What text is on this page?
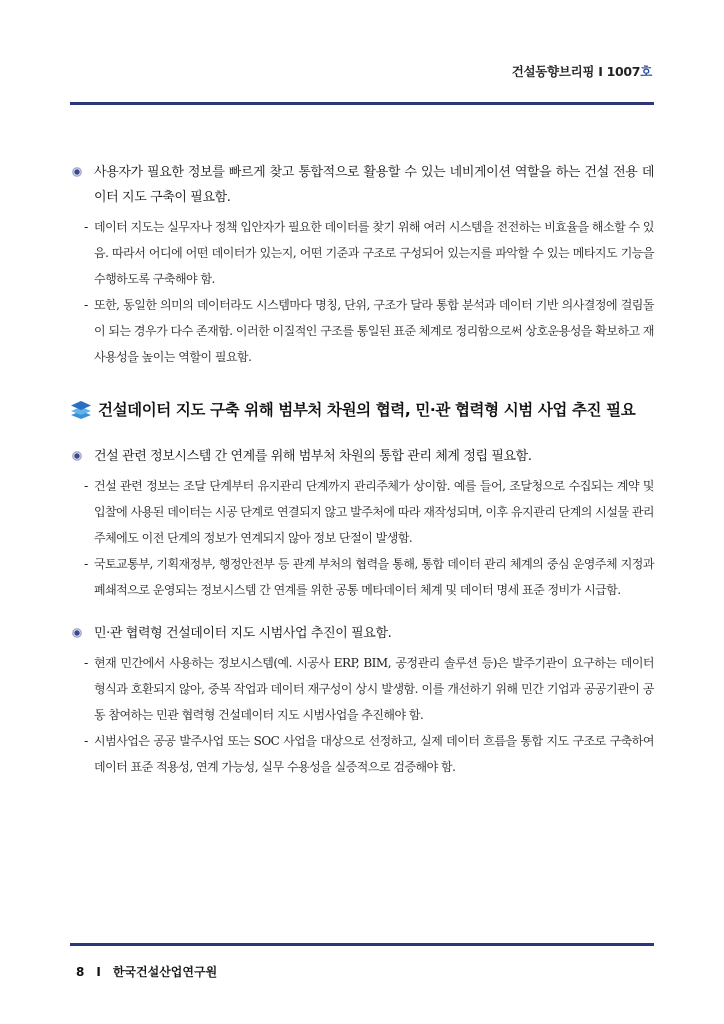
건설동향브리핑 Ⅰ 1007호
사용자가 필요한 정보를 빠르게 찾고 통합적으로 활용할 수 있는 네비게이션 역할을 하는 건설 전용 데이터 지도 구축이 필요함.
- 데이터 지도는 실무자나 정책 입안자가 필요한 데이터를 찾기 위해 여러 시스템을 전전하는 비효율을 해소할 수 있음. 따라서 어디에 어떤 데이터가 있는지, 어떤 기준과 구조로 구성되어 있는지를 파악할 수 있는 메타지도 기능을 수행하도록 구축해야 함.
- 또한, 동일한 의미의 데이터라도 시스템마다 명칭, 단위, 구조가 달라 통합 분석과 데이터 기반 의사결정에 걸림돌이 되는 경우가 다수 존재함. 이러한 이질적인 구조를 통일된 표준 체계로 정리함으로써 상호운용성을 확보하고 재사용성을 높이는 역할이 필요함.
건설데이터 지도 구축 위해 범부처 차원의 협력, 민·관 협력형 시범 사업 추진 필요
건설 관련 정보시스템 간 연계를 위해 범부처 차원의 통합 관리 체계 정립 필요함.
- 건설 관련 정보는 조달 단계부터 유지관리 단계까지 관리주체가 상이함. 예를 들어, 조달청으로 수집되는 계약 및 입찰에 사용된 데이터는 시공 단계로 연결되지 않고 발주처에 따라 재작성되며, 이후 유지관리 단계의 시설물 관리주체에도 이전 단계의 정보가 연계되지 않아 정보 단절이 발생함.
- 국토교통부, 기획재정부, 행정안전부 등 관계 부처의 협력을 통해, 통합 데이터 관리 체계의 중심 운영주체 지정과 폐쇄적으로 운영되는 정보시스템 간 연계를 위한 공통 메타데이터 체계 및 데이터 명세 표준 정비가 시급함.
민·관 협력형 건설데이터 지도 시범사업 추진이 필요함.
- 현재 민간에서 사용하는 정보시스템(예. 시공사 ERP, BIM, 공정관리 솔루션 등)은 발주기관이 요구하는 데이터 형식과 호환되지 않아, 중복 작업과 데이터 재구성이 상시 발생함. 이를 개선하기 위해 민간 기업과 공공기관이 공동 참여하는 민관 협력형 건설데이터 지도 시범사업을 추진해야 함.
- 시범사업은 공공 발주사업 또는 SOC 사업을 대상으로 선정하고, 실제 데이터 흐름을 통합 지도 구조로 구축하여 데이터 표준 적용성, 연계 가능성, 실무 수용성을 실증적으로 검증해야 함.
8 Ⅰ 한국건설산업연구원
